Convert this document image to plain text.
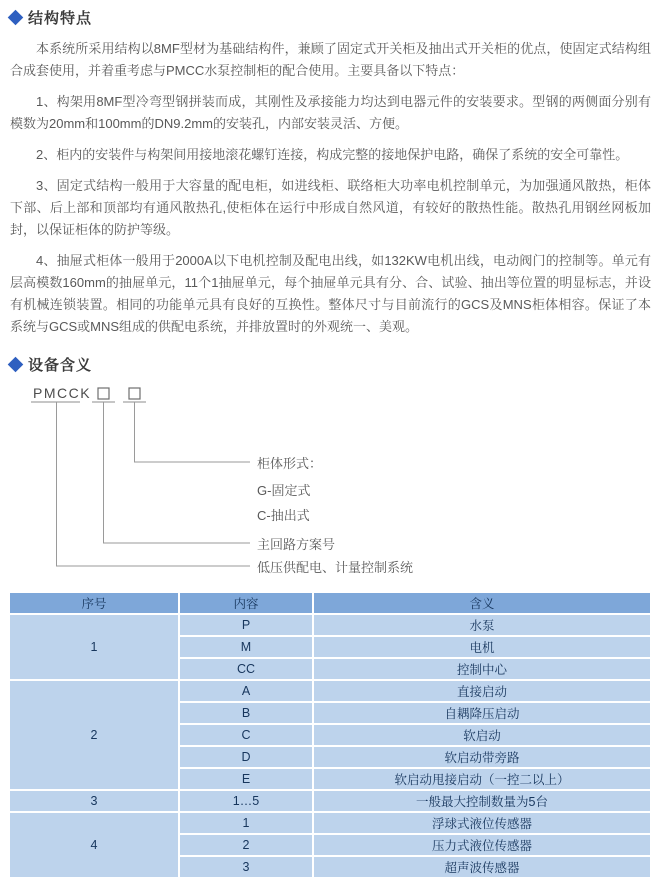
结构特点

本系统所采用结构以8MF型材为基础结构件，兼顾了固定式开关柜及抽出式开关柜的优点，使固定式结构组合成套使用，并着重考虑与PMCC水泵控制柜的配合使用。主要具备以下特点：

1、构架用8MF型冷弯型钢拼装而成，其刚性及承接能力均达到电器元件的安装要求。型钢的两侧面分别有模数为20mm和100mm的DN9.2mm的安装孔，内部安装灵活、方便。

2、柜内的安装件与构架间用接地滚花螺钉连接，构成完整的接地保护电路，确保了系统的安全可靠性。

3、固定式结构一般用于大容量的配电柜，如进线柜、联络柜大功率电机控制单元，为加强通风散热，柜体下部、后上部和顶部均有通风散热孔,使柜体在运行中形成自然风道，有较好的散热性能。散热孔用钢丝网板加封，以保证柜体的防护等级。

4、抽屉式柜体一般用于2000A以下电机控制及配电出线，如132KW电机出线，电动阀门的控制等。单元有层高模数160mm的抽屉单元，11个1抽屉单元，每个抽屉单元具有分、合、试验、抽出等位置的明显标志，并设有机械连锁装置。相同的功能单元具有良好的互换性。整体尺寸与目前流行的GCS及MNS柜体相容。保证了本系统与GCS或MNS组成的供配电系统，并排放置时的外观统一、美观。

设备含义
PMCCK
柜体形式：
G-固定式
C-抽出式
主回路方案号
低压供配电、计量控制系统
序号	内容	含义
1	P	水泵
	M	电机
	CC	控制中心
2	A	直接启动
	B	自耦降压启动
	C	软启动
	D	软启动带旁路
	E	软启动甩接启动（一控二以上）
3	1…5	一般最大控制数量为5台
4	1	浮球式液位传感器
	2	压力式液位传感器
	3	超声波传感器
